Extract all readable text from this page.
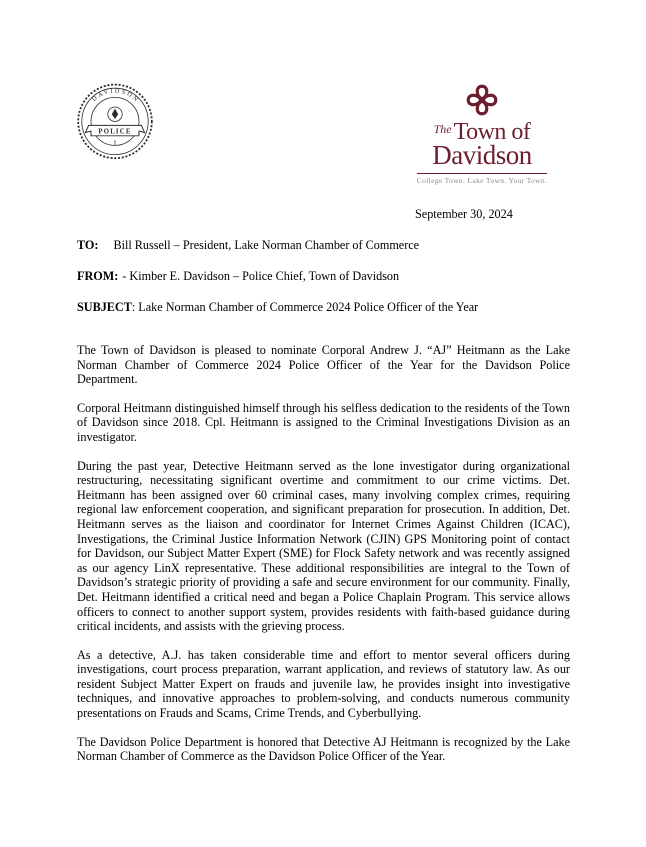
DAVIDSON
POLICE
I
TheTown of
Davidson
College Town. Lake Town. Your Town.

September 30, 2024

TO: Bill Russell – President, Lake Norman Chamber of Commerce

FROM: - Kimber E. Davidson – Police Chief, Town of Davidson

SUBJECT: Lake Norman Chamber of Commerce 2024 Police Officer of the Year

The Town of Davidson is pleased to nominate Corporal Andrew J. “AJ” Heitmann as the Lake Norman Chamber of Commerce 2024 Police Officer of the Year for the Davidson Police Department.

Corporal Heitmann distinguished himself through his selfless dedication to the residents of the Town of Davidson since 2018. Cpl. Heitmann is assigned to the Criminal Investigations Division as an investigator.

During the past year, Detective Heitmann served as the lone investigator during organizational restructuring, necessitating significant overtime and commitment to our crime victims. Det. Heitmann has been assigned over 60 criminal cases, many involving complex crimes, requiring regional law enforcement cooperation, and significant preparation for prosecution. In addition, Det. Heitmann serves as the liaison and coordinator for Internet Crimes Against Children (ICAC), Investigations, the Criminal Justice Information Network (CJIN) GPS Monitoring point of contact for Davidson, our Subject Matter Expert (SME) for Flock Safety network and was recently assigned as our agency LinX representative. These additional responsibilities are integral to the Town of Davidson’s strategic priority of providing a safe and secure environment for our community. Finally, Det. Heitmann identified a critical need and began a Police Chaplain Program. This service allows officers to connect to another support system, provides residents with faith-based guidance during critical incidents, and assists with the grieving process.

As a detective, A.J. has taken considerable time and effort to mentor several officers during investigations, court process preparation, warrant application, and reviews of statutory law. As our resident Subject Matter Expert on frauds and juvenile law, he provides insight into investigative techniques, and innovative approaches to problem-solving, and conducts numerous community presentations on Frauds and Scams, Crime Trends, and Cyberbullying.

The Davidson Police Department is honored that Detective AJ Heitmann is recognized by the Lake Norman Chamber of Commerce as the Davidson Police Officer of the Year.
